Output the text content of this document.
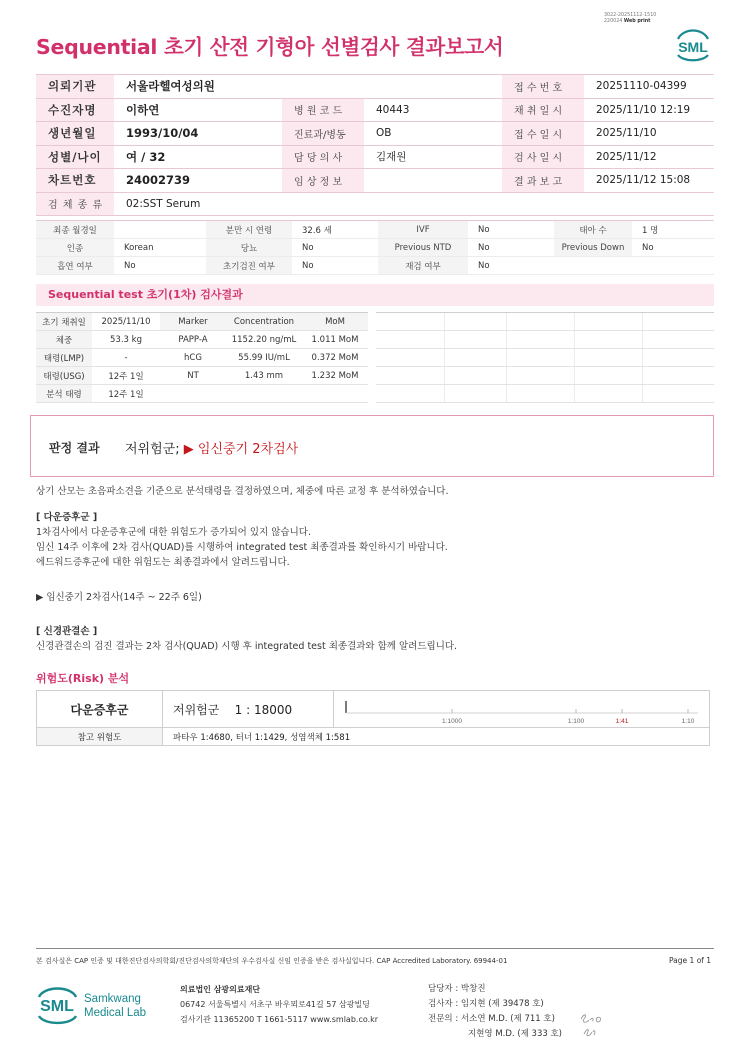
Sequential 초기 산전 기형아 선별검사 결과보고서
3022-20251112-1510
220024 Web print
SML
의뢰기관	서울라헬여성의원			접 수 번 호	20251110-04399
수진자명	이하연	병 원 코 드	40443	채 취 일 시	2025/11/10 12:19
생년월일	1993/10/04	진료과/병동	OB	접 수 일 시	2025/11/10
성별/나이	여 / 32	담 당 의 사	김재원	검 사 일 시	2025/11/12
차트번호	24002739	임 상 정 보		결 과 보 고	2025/11/12 15:08
검 체 종 류	02:SST Serum				
최종 월경일		분만 시 연령	32.6 세	IVF	No	태아 수	1 명
인종	Korean	당뇨	No	Previous NTD	No	Previous Down	No
흡연 여부	No	초기검진 여부	No	재검 여부	No		
Sequential test 초기(1차) 검사결과
초기 채취일	2025/11/10	Marker	Concentration	MoM
체중	53.3 kg	PAPP-A	1152.20 ng/mL	1.011 MoM
태령(LMP)	-	hCG	55.99 IU/mL	0.372 MoM
태령(USG)	12주 1일	NT	1.43 mm	1.232 MoM
분석 태령	12주 1일			

판정 결과 저위험군; ▶ 임신중기 2차검사
상기 산모는 초음파소견을 기준으로 분석태령을 결정하였으며, 체중에 따른 교정 후 분석하였습니다.
[ 다운증후군 ]
1차검사에서 다운증후군에 대한 위험도가 증가되어 있지 않습니다.
임신 14주 이후에 2차 검사(QUAD)를 시행하여 integrated test 최종결과를 확인하시기 바랍니다.
에드워드증후군에 대한 위험도는 최종결과에서 알려드립니다.
▶ 임신중기 2차검사(14주 ~ 22주 6일)
[ 신경관결손 ]
신경관결손의 검진 결과는 2차 검사(QUAD) 시행 후 integrated test 최종결과와 함께 알려드립니다.
위험도(Risk) 분석
다운증후군	저위험군 1 : 18000	1:1000 1:100 1:41 1:10

참고 위험도	파타우 1:4680, 터너 1:1429, 성염색체 1:581	
본 검사실은 CAP 인증 및 대한진단검사의학회/진단검사의학재단의 우수검사실 신임 인증을 받은 검사실입니다. CAP Accredited Laboratory. 69944-01	Page 1 of 1
SML Samkwang
Medical Lab
의료법인 삼광의료재단
06742 서울특별시 서초구 바우뫼로41길 57 삼광빌딩
검사기관 11365200 T 1661-5117 www.smlab.co.kr
담당자 : 박창진
검사자 : 임지현 (제 39478 호)
전문의 : 서소연 M.D. (제 711 호)
지현영 M.D. (제 333 호)
